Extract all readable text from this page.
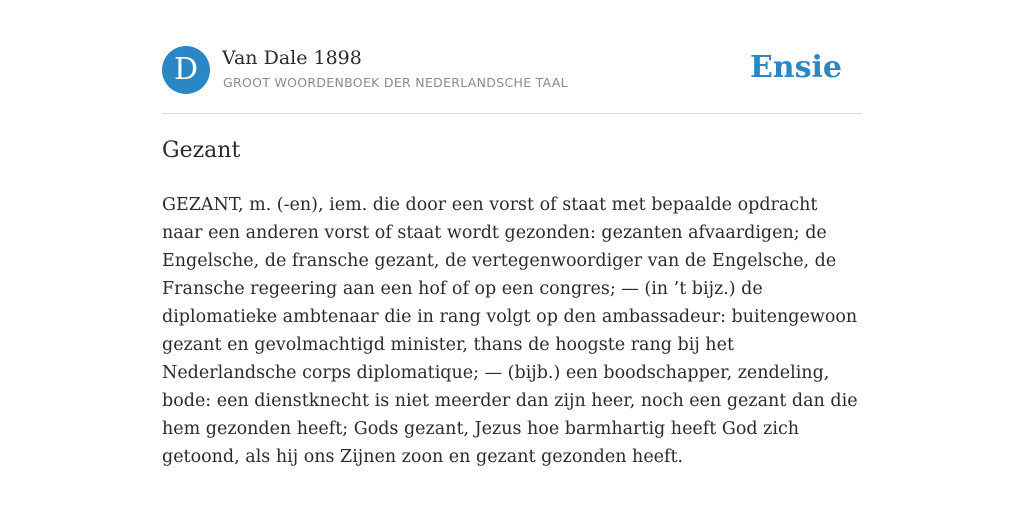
D	Van Dale 1898
GROOT WOORDENBOEK DER NEDERLANDSCHE TAAL	Ensie
Gezant
GEZANT, m. (-en), iem. die door een vorst of staat met bepaalde opdracht naar een anderen vorst of staat wordt gezonden: gezanten afvaardigen; de Engelsche, de fransche gezant, de vertegenwoordiger van de Engelsche, de Fransche regeering aan een hof of op een congres; — (in ’t bijz.) de diplomatieke ambtenaar die in rang volgt op den ambassadeur: buitengewoon gezant en gevolmachtigd minister, thans de hoogste rang bij het Nederlandsche corps diplomatique; — (bijb.) een boodschapper, zendeling, bode: een dienstknecht is niet meerder dan zijn heer, noch een gezant dan die hem gezonden heeft; Gods gezant, Jezus hoe barmhartig heeft God zich getoond, als hij ons Zijnen zoon en gezant gezonden heeft.
